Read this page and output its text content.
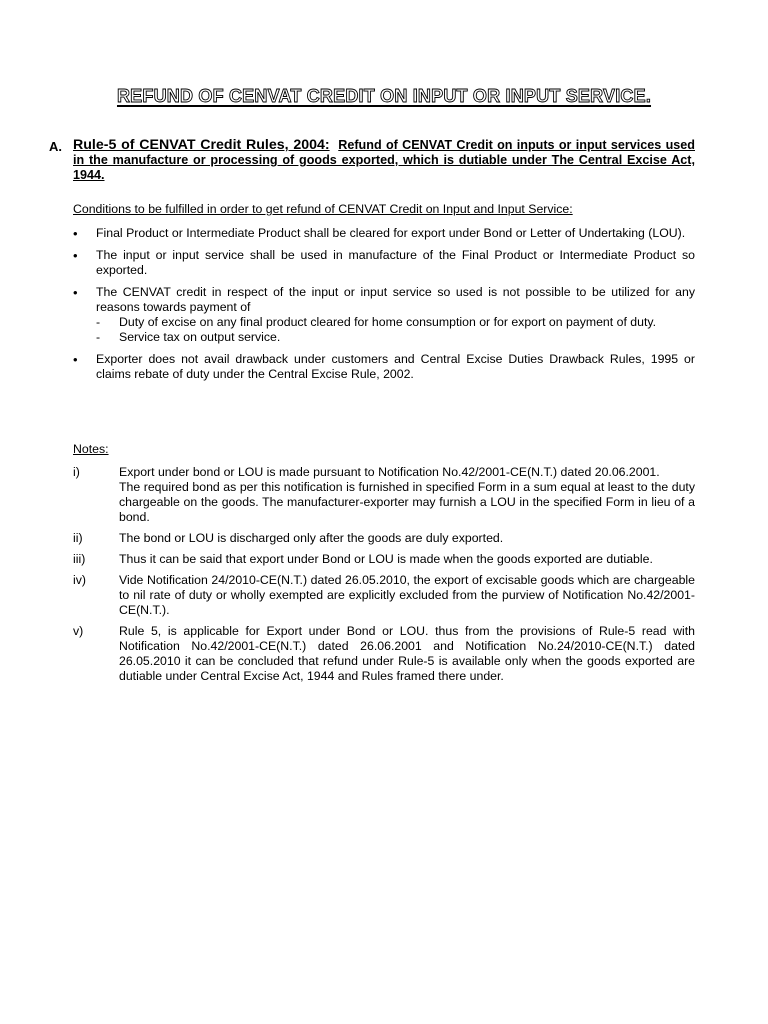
REFUND OF CENVAT CREDIT ON INPUT OR INPUT SERVICE.
A. Rule-5 of CENVAT Credit Rules, 2004: Refund of CENVAT Credit on inputs or input services used in the manufacture or processing of goods exported, which is dutiable under The Central Excise Act, 1944.
Conditions to be fulfilled in order to get refund of CENVAT Credit on Input and Input Service:
• Final Product or Intermediate Product shall be cleared for export under Bond or Letter of Undertaking (LOU).
• The input or input service shall be used in manufacture of the Final Product or Intermediate Product so exported.
• The CENVAT credit in respect of the input or input service so used is not possible to be utilized for any reasons towards payment of
- Duty of excise on any final product cleared for home consumption or for export on payment of duty.
- Service tax on output service.
• Exporter does not avail drawback under customers and Central Excise Duties Drawback Rules, 1995 or claims rebate of duty under the Central Excise Rule, 2002.
Notes:
i)	Export under bond or LOU is made pursuant to Notification No.42/2001-CE(N.T.) dated 20.06.2001.

The required bond as per this notification is furnished in specified Form in a sum equal at least to the duty chargeable on the goods. The manufacturer-exporter may furnish a LOU in the specified Form in lieu of a bond.

ii)	The bond or LOU is discharged only after the goods are duly exported.

iii)	Thus it can be said that export under Bond or LOU is made when the goods exported are dutiable.

iv)	Vide Notification 24/2010-CE(N.T.) dated 26.05.2010, the export of excisable goods which are chargeable to nil rate of duty or wholly exempted are explicitly excluded from the purview of Notification No.42/2001-CE(N.T.).

v)	Rule 5, is applicable for Export under Bond or LOU. thus from the provisions of Rule-5 read with Notification No.42/2001-CE(N.T.) dated 26.06.2001 and Notification No.24/2010-CE(N.T.) dated 26.05.2010 it can be concluded that refund under Rule-5 is available only when the goods exported are dutiable under Central Excise Act, 1944 and Rules framed there under.
